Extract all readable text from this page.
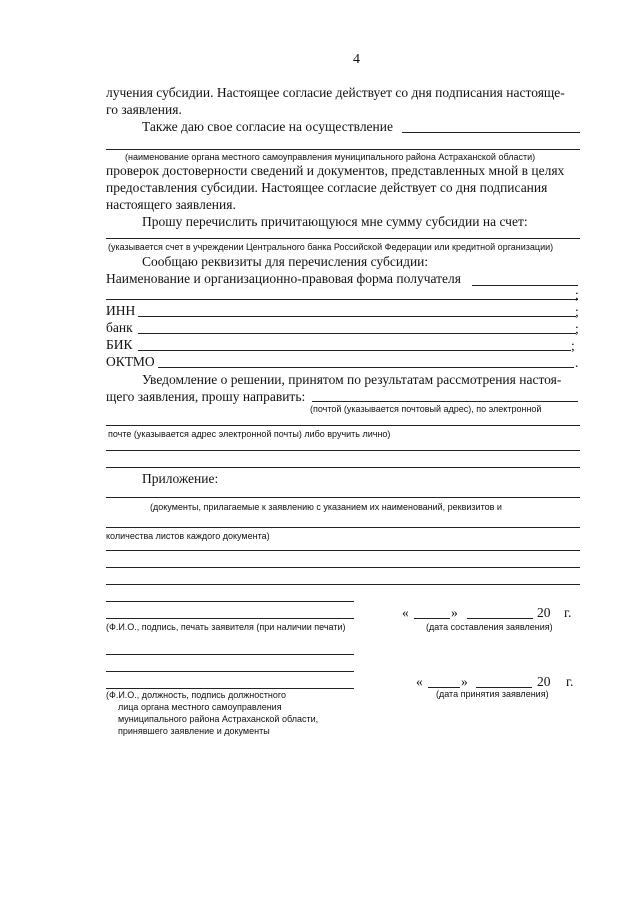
4
лучения субсидии. Настоящее согласие действует со дня подписания настояще-
го заявления.
Также даю свое согласие на осуществление
(наименование органа местного самоуправления муниципального района Астраханской области)
проверок достоверности сведений и документов, представленных мной в целях
предоставления субсидии. Настоящее согласие действует со дня подписания
настоящего заявления.
Прошу перечислить причитающуюся мне сумму субсидии на счет:
(указывается счет в учреждении Центрального банка Российской Федерации или кредитной организации)
Сообщаю реквизиты для перечисления субсидии:
Наименование и организационно-правовая форма получателя
;
ИНН	;
банк	;
БИК	;
ОКТМО	.
Уведомление о решении, принятом по результатам рассмотрения настоя-
щего заявления, прошу направить:
(почтой (указывается почтовый адрес), по электронной
почте (указывается адрес электронной почты) либо вручить лично)
Приложение:
(документы, прилагаемые к заявлению с указанием их наименований, реквизитов и
количества листов каждого документа)
(Ф.И.О., подпись, печать заявителя (при наличии печати)
«	»	20 г.
(дата составления заявления)
«	»	20 г.
(дата принятия заявления)
(Ф.И.О., должность, подпись должностного
лица органа местного самоуправления
муниципального района Астраханской области,
принявшего заявление и документы
